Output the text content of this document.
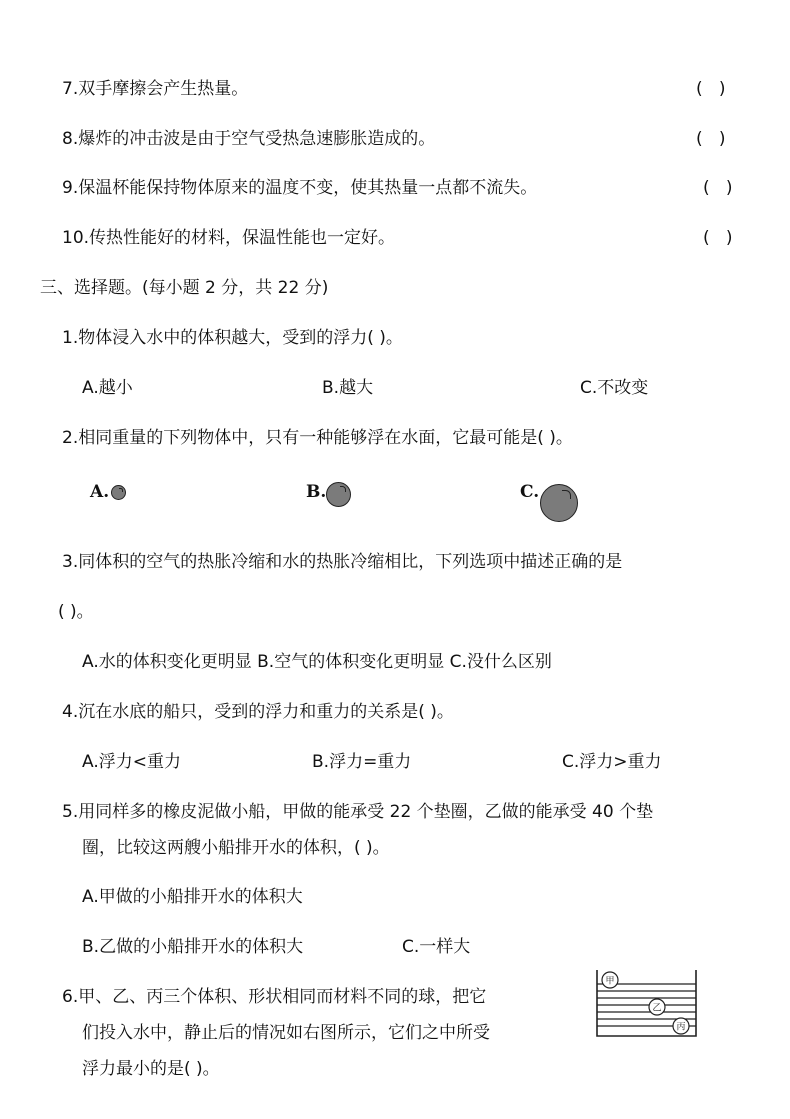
7.双手摩擦会产生热量。	(   )
8.爆炸的冲击波是由于空气受热急速膨胀造成的。	(   )
9.保温杯能保持物体原来的温度不变，使其热量一点都不流失。	(   )
10.传热性能好的材料，保温性能也一定好。	(   )
三、选择题。(每小题 2 分，共 22 分)
1.物体浸入水中的体积越大，受到的浮力( )。
A.越小	B.越大	C.不改变
2.相同重量的下列物体中，只有一种能够浮在水面，它最可能是( )。
A.	B.	C.
3.同体积的空气的热胀冷缩和水的热胀冷缩相比，下列选项中描述正确的是
( )。
A.水的体积变化更明显 B.空气的体积变化更明显 C.没什么区别
4.沉在水底的船只，受到的浮力和重力的关系是( )。
A.浮力<重力	B.浮力=重力	C.浮力>重力
5.用同样多的橡皮泥做小船，甲做的能承受 22 个垫圈，乙做的能承受 40 个垫
圈，比较这两艘小船排开水的体积，( )。
A.甲做的小船排开水的体积大
B.乙做的小船排开水的体积大	C.一样大
6.甲、乙、丙三个体积、形状相同而材料不同的球，把它
们投入水中，静止后的情况如右图所示，它们之中所受
浮力最小的是( )。
甲
乙
丙
